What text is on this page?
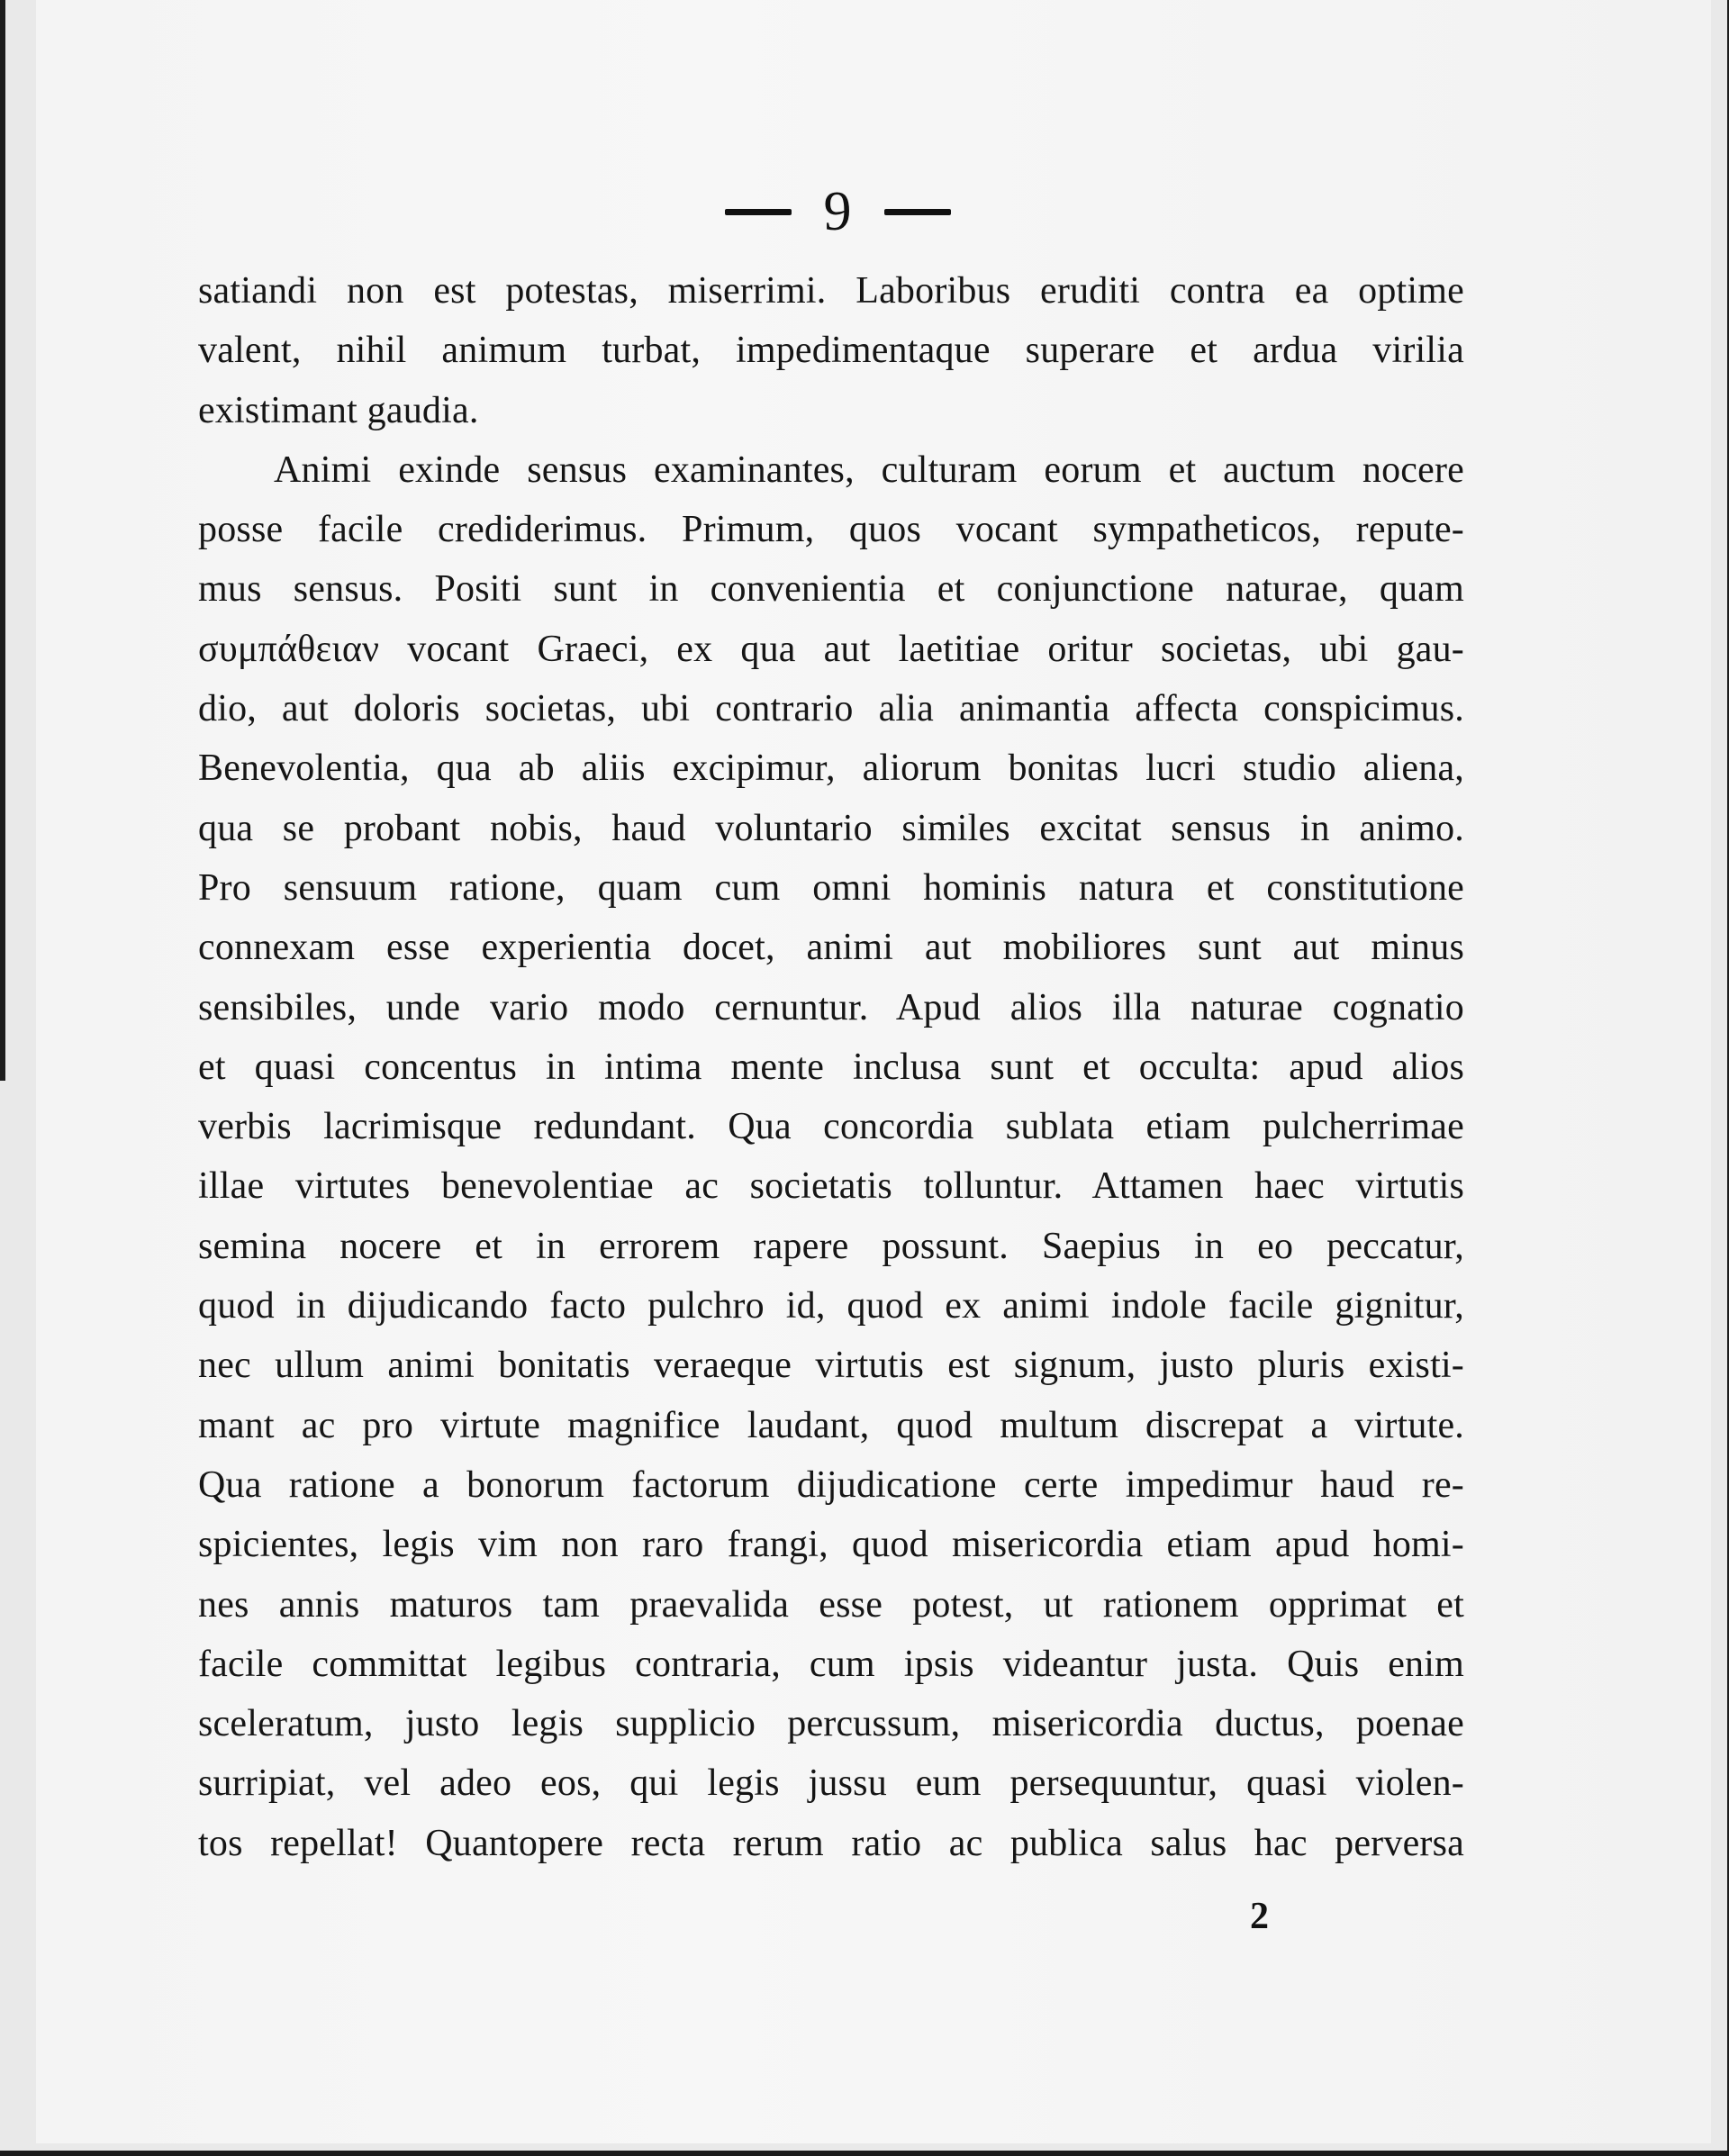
9
satiandi non est potestas, miserrimi. Laboribus eruditi contra ea optime
valent, nihil animum turbat, impedimentaque superare et ardua virilia
existimant gaudia.
Animi exinde sensus examinantes, culturam eorum et auctum nocere
posse facile crediderimus. Primum, quos vocant sympatheticos, repute-
mus sensus. Positi sunt in convenientia et conjunctione naturae, quam
συμπάθειαν vocant Graeci, ex qua aut laetitiae oritur societas, ubi gau-
dio, aut doloris societas, ubi contrario alia animantia affecta conspicimus.
Benevolentia, qua ab aliis excipimur, aliorum bonitas lucri studio aliena,
qua se probant nobis, haud voluntario similes excitat sensus in animo.
Pro sensuum ratione, quam cum omni hominis natura et constitutione
connexam esse experientia docet, animi aut mobiliores sunt aut minus
sensibiles, unde vario modo cernuntur. Apud alios illa naturae cognatio
et quasi concentus in intima mente inclusa sunt et occulta: apud alios
verbis lacrimisque redundant. Qua concordia sublata etiam pulcherrimae
illae virtutes benevolentiae ac societatis tolluntur. Attamen haec virtutis
semina nocere et in errorem rapere possunt. Saepius in eo peccatur,
quod in dijudicando facto pulchro id, quod ex animi indole facile gignitur,
nec ullum animi bonitatis veraeque virtutis est signum, justo pluris existi-
mant ac pro virtute magnifice laudant, quod multum discrepat a virtute.
Qua ratione a bonorum factorum dijudicatione certe impedimur haud re-
spicientes, legis vim non raro frangi, quod misericordia etiam apud homi-
nes annis maturos tam praevalida esse potest, ut rationem opprimat et
facile committat legibus contraria, cum ipsis videantur justa. Quis enim
sceleratum, justo legis supplicio percussum, misericordia ductus, poenae
surripiat, vel adeo eos, qui legis jussu eum persequuntur, quasi violen-
tos repellat! Quantopere recta rerum ratio ac publica salus hac perversa
2
